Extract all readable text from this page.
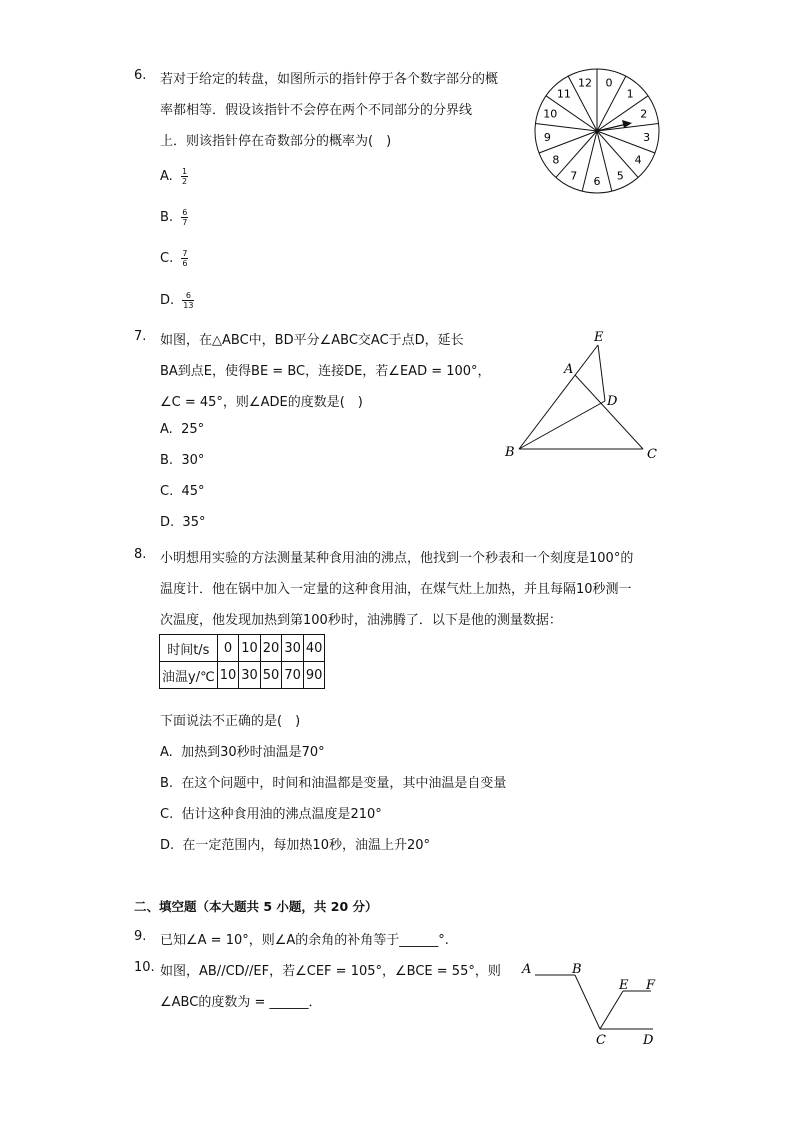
6. 若对于给定的转盘，如图所示的指针停于各个数字部分的概
率都相等．假设该指针不会停在两个不同部分的分界线
上．则该指针停在奇数部分的概率为(　)
A. $\frac{1}{2}$
B. $\frac{6}{7}$
C. $\frac{7}{6}$
D. $\frac{6}{13}$
0
1
2
3
4
5
6
7
8
9
10
11
12
7. 如图，在△ABC中，BD平分∠ABC交AC于点D，延长
BA到点E，使得BE = BC，连接DE，若∠EAD = 100°，
∠C = 45°，则∠ADE的度数是(　)
A. 25°
B. 30°
C. 45°
D. 35°
E
A
D
B	C
8. 小明想用实验的方法测量某种食用油的沸点，他找到一个秒表和一个刻度是100°的
温度计．他在锅中加入一定量的这种食用油，在煤气灶上加热，并且每隔10秒测一
次温度，他发现加热到第100秒时，油沸腾了．以下是他的测量数据：
时间t/s	0	10	20	30	40
油温y/℃	10	30	50	70	90
下面说法不正确的是(　)
A. 加热到30秒时油温是70°
B. 在这个问题中，时间和油温都是变量，其中油温是自变量
C. 估计这种食用油的沸点温度是210°
D. 在一定范围内，每加热10秒，油温上升20°
二、填空题（本大题共 5 小题，共 20 分）
9. 已知∠A = 10°，则∠A的余角的补角等于______°.
10. 如图，AB//CD//EF，若∠CEF = 105°，∠BCE = 55°，则
∠ABC的度数为 = ______．
A	B
E F
C	D
